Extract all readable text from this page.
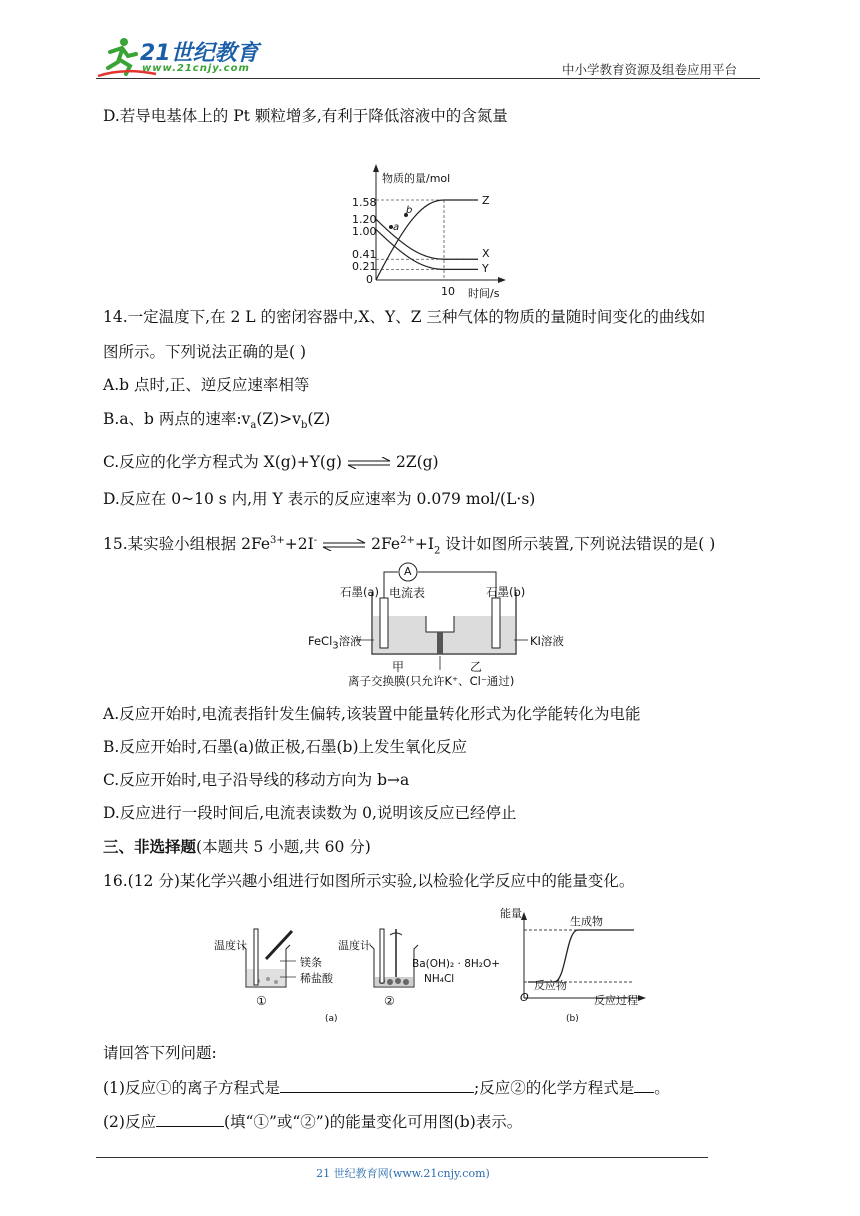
21世纪教育
www.21cnjy.com	中小学教育资源及组卷应用平台
D.若导电基体上的 Pt 颗粒增多,有利于降低溶液中的含氮量
物质的量/mol
1.58
1.20
1.00
0.41
0.21
0
10 时间/s
Z
X
Y
a
b
14.一定温度下,在 2 L 的密闭容器中,X、Y、Z 三种气体的物质的量随时间变化的曲线如
图所示。下列说法正确的是( )
A.b 点时,正、逆反应速率相等
B.a、b 两点的速率$:v_a(Z)>v_b(Z)$
C.反应的化学方程式为 X(g)+Y(g) ⇌ 2Z(g)
D.反应在 0~10 s 内,用 Y 表示的反应速率为 0.079 mol/(L·s)
15.某实验小组根据 $2Fe^{3+}+2I^-$ ⇌ $2Fe^{2+}+I_2$ 设计如图所示装置,下列说法错误的是( )
A
电流表
石墨(a)	石墨(b)
FeCl$_3$溶液	KI溶液
甲	乙
离子交换膜(只允许K⁺、Cl⁻通过)
A.反应开始时,电流表指针发生偏转,该装置中能量转化形式为化学能转化为电能
B.反应开始时,石墨(a)做正极,石墨(b)上发生氧化反应
C.反应开始时,电子沿导线的移动方向为 b→a
D.反应进行一段时间后,电流表读数为 0,说明该反应已经停止
三、非选择题(本题共 5 小题,共 60 分)
16.(12 分)某化学兴趣小组进行如图所示实验,以检验化学反应中的能量变化。
温度计
镁条
稀盐酸
①
温度计
Ba(OH)₂ · 8H₂O+
NH₄Cl
②
(a)
能量
生成物
反应物
O	反应过程
(b)
请回答下列问题:
(1)反应①的离子方程式是	;反应②的化学方程式是 。
(2)反应	(填“①”或“②”)的能量变化可用图(b)表示。
21 世纪教育网(www.21cnjy.com)
